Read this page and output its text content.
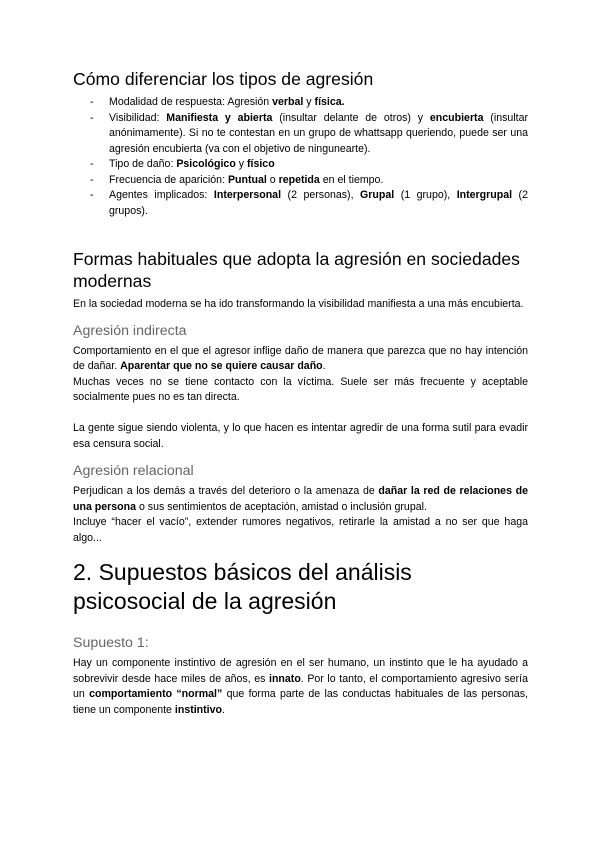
Cómo diferenciar los tipos de agresión
- Modalidad de respuesta: Agresión verbal y física.
- Visibilidad: Manifiesta y abierta (insultar delante de otros) y encubierta (insultar anónimamente). Si no te contestan en un grupo de whattsapp queriendo, puede ser una agresión encubierta (va con el objetivo de ningunearte).
- Tipo de daño: Psicológico y físico
- Frecuencia de aparición: Puntual o repetida en el tiempo.
- Agentes implicados: Interpersonal (2 personas), Grupal (1 grupo), Intergrupal (2 grupos).
Formas habituales que adopta la agresión en sociedades modernas

En la sociedad moderna se ha ido transformando la visibilidad manifiesta a una más encubierta.

Agresión indirecta

Comportamiento en el que el agresor inflige daño de manera que parezca que no hay intención de dañar. Aparentar que no se quiere causar daño.

Muchas veces no se tiene contacto con la víctima. Suele ser más frecuente y aceptable socialmente pues no es tan directa.

La gente sigue siendo violenta, y lo que hacen es intentar agredir de una forma sutil para evadir esa censura social.

Agresión relacional

Perjudican a los demás a través del deterioro o la amenaza de dañar la red de relaciones de una persona o sus sentimientos de aceptación, amistad o inclusión grupal.

Incluye “hacer el vacío”, extender rumores negativos, retirarle la amistad a no ser que haga algo...

2. Supuestos básicos del análisis psicosocial de la agresión
Supuesto 1:

Hay un componente instintivo de agresión en el ser humano, un instinto que le ha ayudado a sobrevivir desde hace miles de años, es innato. Por lo tanto, el comportamiento agresivo sería un comportamiento “normal” que forma parte de las conductas habituales de las personas, tiene un componente instintivo.
